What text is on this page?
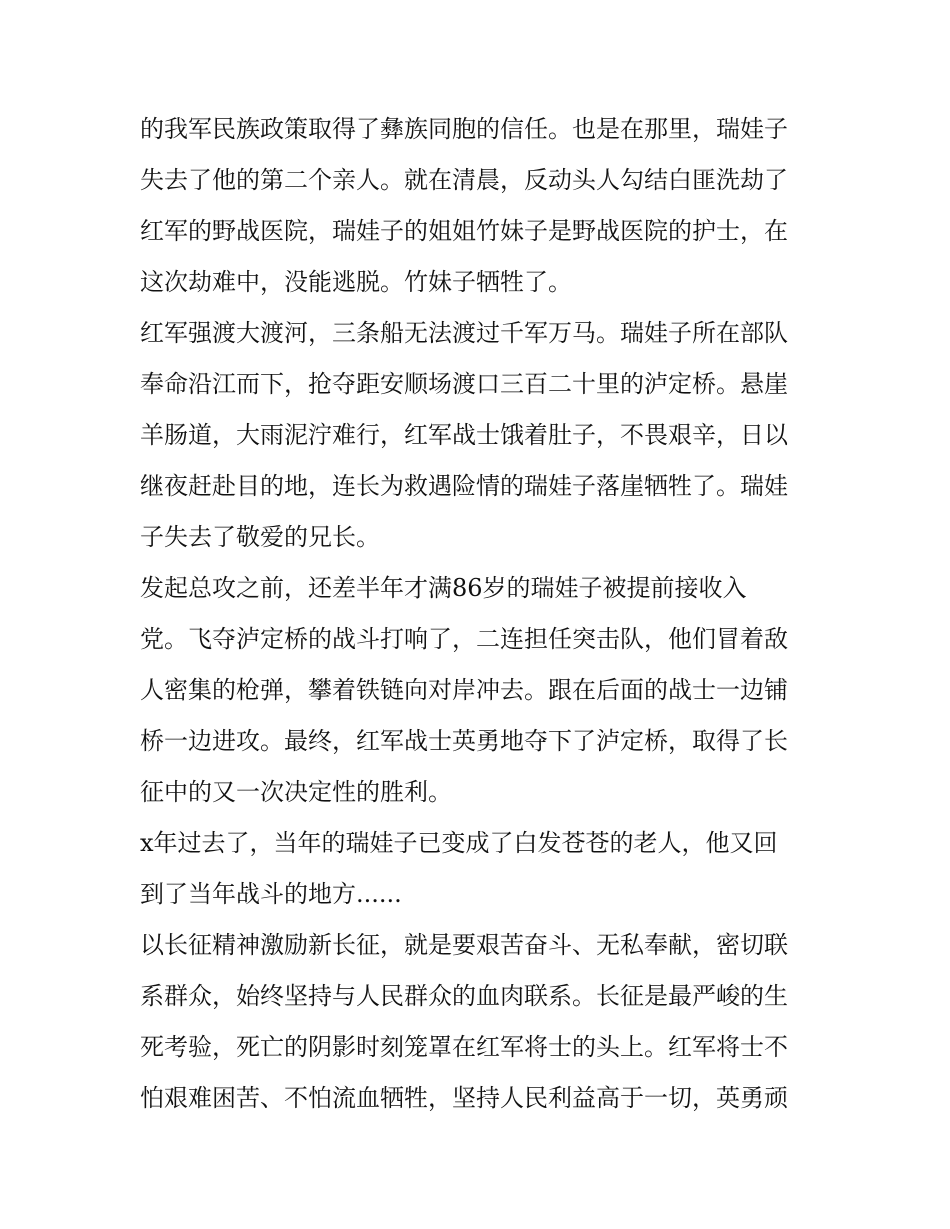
的我军民族政策取得了彝族同胞的信任。也是在那里，瑞娃子
失去了他的第二个亲人。就在清晨，反动头人勾结白匪洗劫了
红军的野战医院，瑞娃子的姐姐竹妹子是野战医院的护士，在
这次劫难中，没能逃脱。竹妹子牺牲了。
红军强渡大渡河，三条船无法渡过千军万马。瑞娃子所在部队
奉命沿江而下，抢夺距安顺场渡口三百二十里的泸定桥。悬崖
羊肠道，大雨泥泞难行，红军战士饿着肚子，不畏艰辛，日以
继夜赶赴目的地，连长为救遇险情的瑞娃子落崖牺牲了。瑞娃
子失去了敬爱的兄长。
发起总攻之前，还差半年才满86岁的瑞娃子被提前接收入
党。飞夺泸定桥的战斗打响了，二连担任突击队，他们冒着敌
人密集的枪弹，攀着铁链向对岸冲去。跟在后面的战士一边铺
桥一边进攻。最终，红军战士英勇地夺下了泸定桥，取得了长
征中的又一次决定性的胜利。
x年过去了，当年的瑞娃子已变成了白发苍苍的老人，他又回
到了当年战斗的地方......
以长征精神激励新长征，就是要艰苦奋斗、无私奉献，密切联
系群众，始终坚持与人民群众的血肉联系。长征是最严峻的生
死考验，死亡的阴影时刻笼罩在红军将士的头上。红军将士不
怕艰难困苦、不怕流血牺牲，坚持人民利益高于一切，英勇顽
